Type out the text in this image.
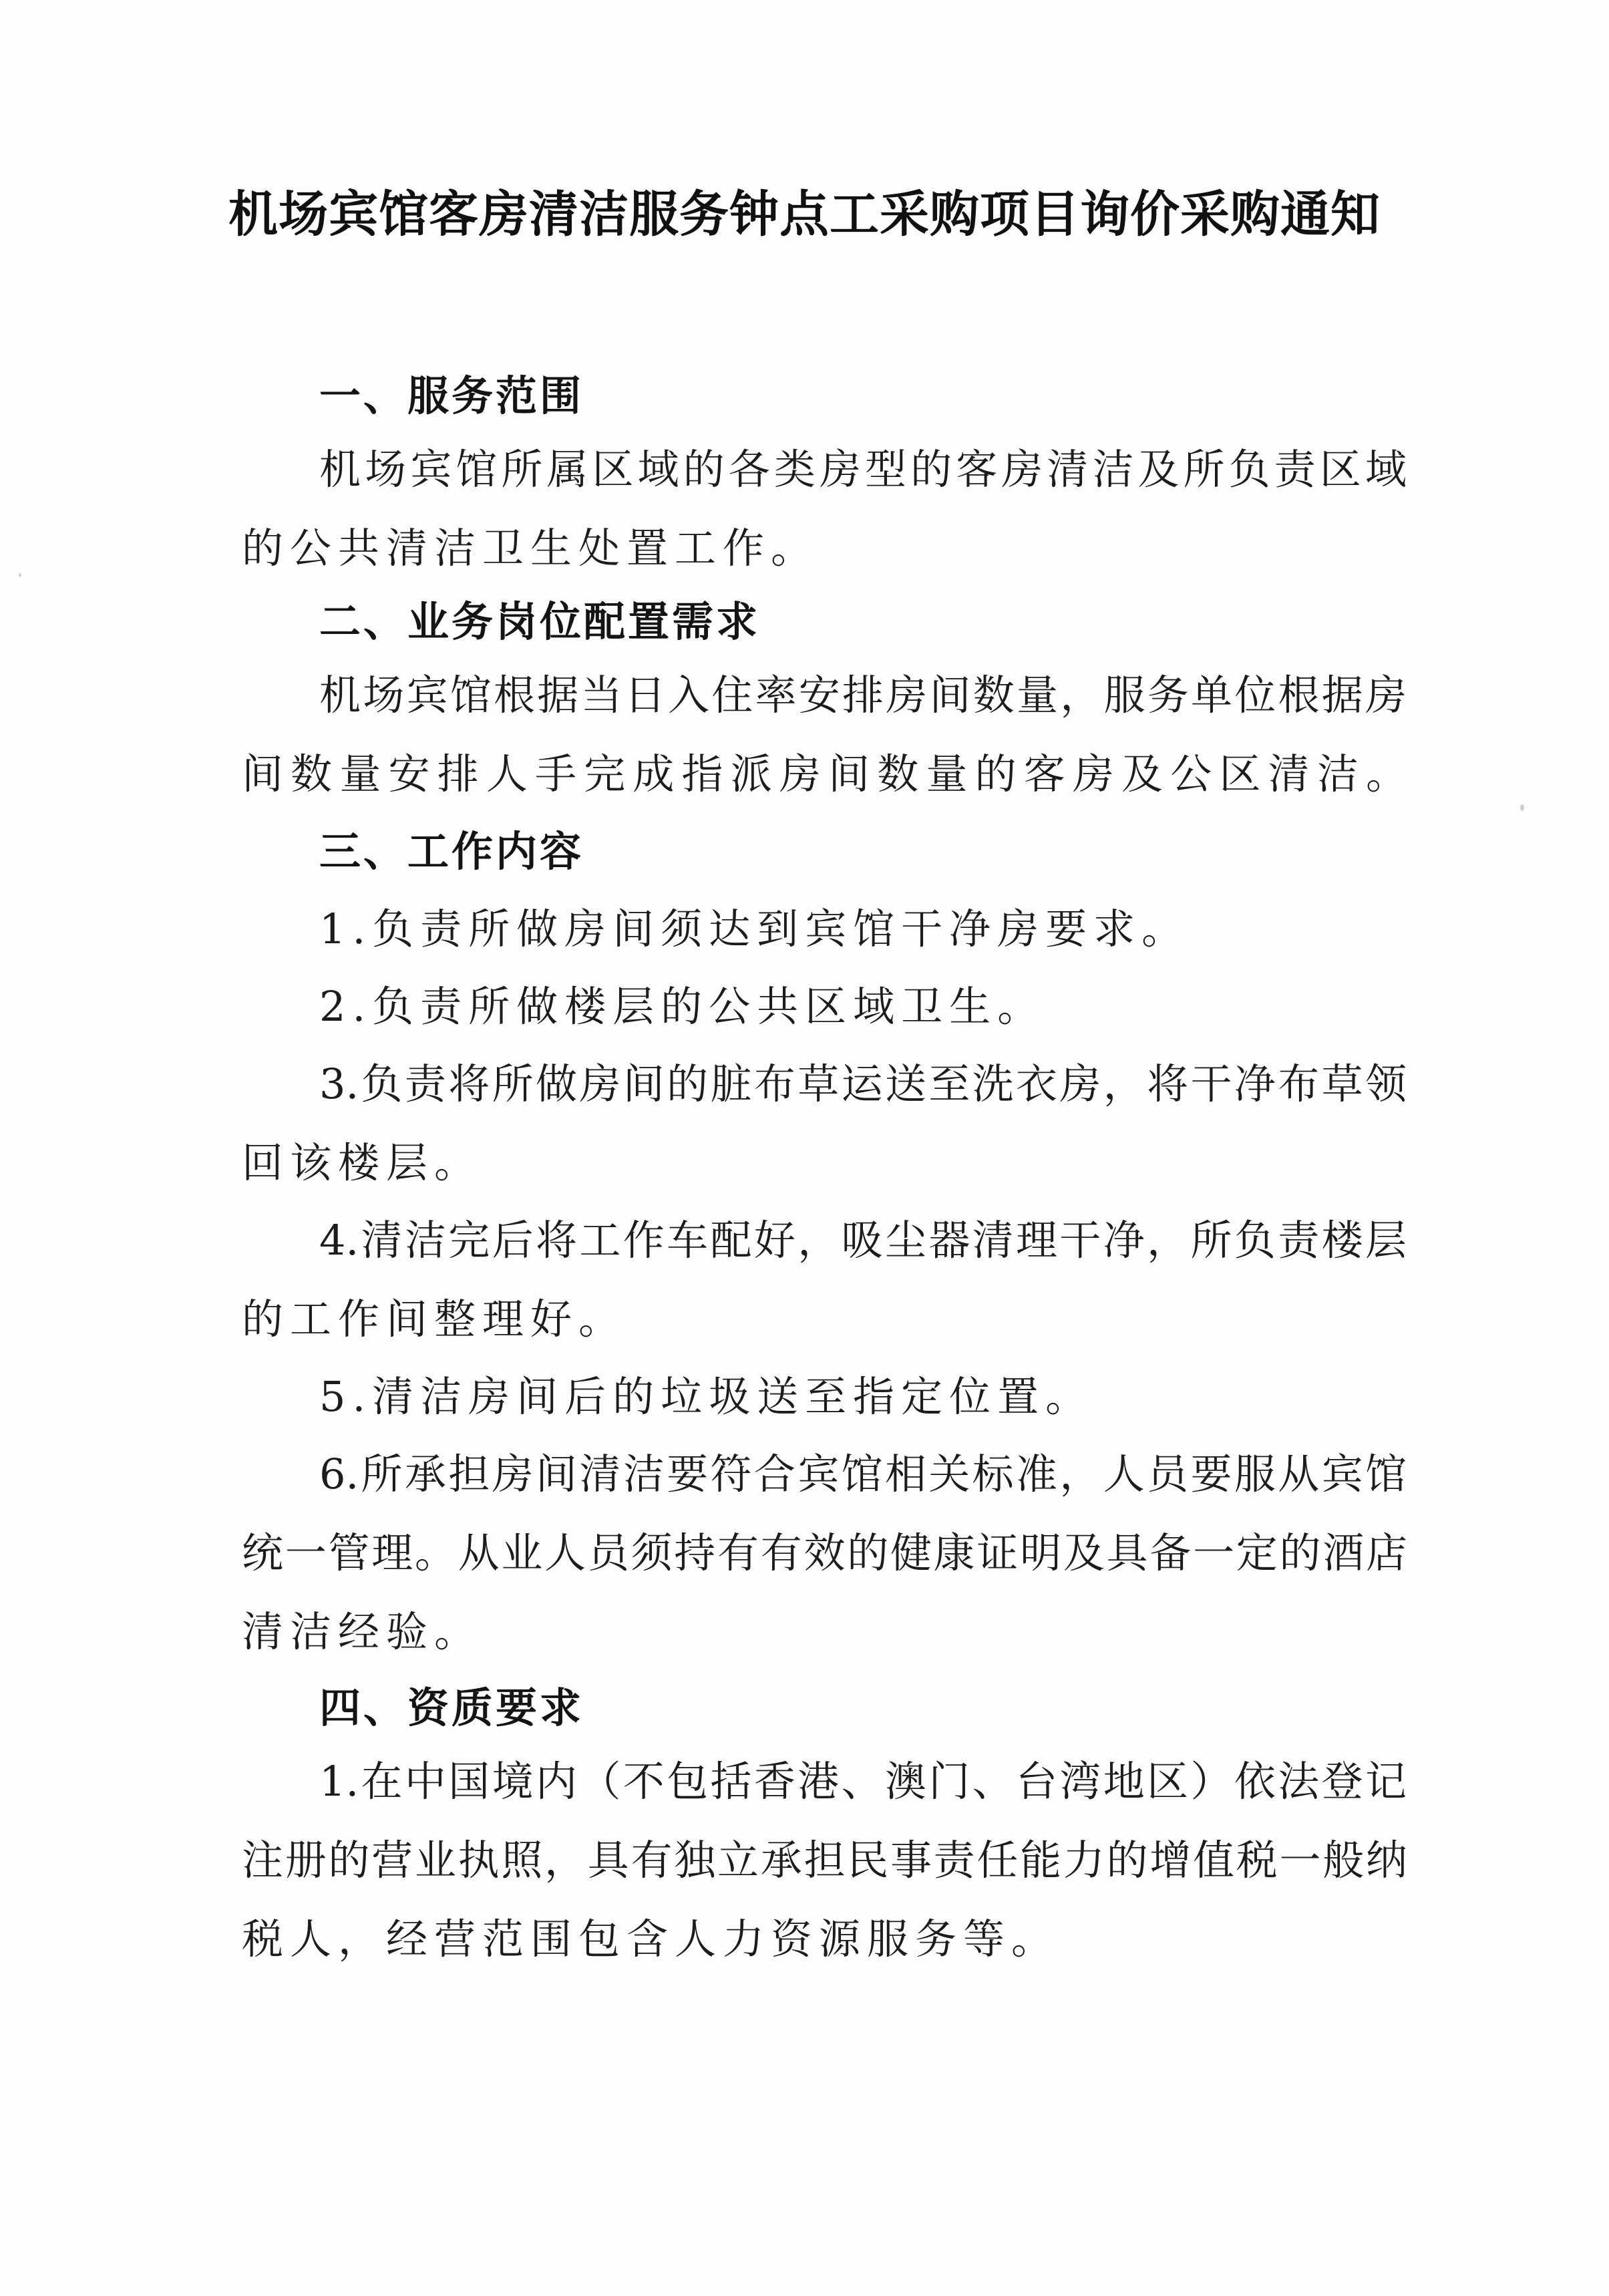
机场宾馆客房清洁服务钟点工采购项目询价采购通知
一、服务范围
机场宾馆所属区域的各类房型的客房清洁及所负责区域
的公共清洁卫生处置工作。
二、业务岗位配置需求
机场宾馆根据当日入住率安排房间数量，服务单位根据房
间数量安排人手完成指派房间数量的客房及公区清洁。
三、工作内容
1.负责所做房间须达到宾馆干净房要求。
2.负责所做楼层的公共区域卫生。
3.负责将所做房间的脏布草运送至洗衣房，将干净布草领
回该楼层。
4.清洁完后将工作车配好，吸尘器清理干净，所负责楼层
的工作间整理好。
5.清洁房间后的垃圾送至指定位置。
6.所承担房间清洁要符合宾馆相关标准，人员要服从宾馆
统一管理。从业人员须持有有效的健康证明及具备一定的酒店
清洁经验。
四、资质要求
1.在中国境内（不包括香港、澳门、台湾地区）依法登记
注册的营业执照，具有独立承担民事责任能力的增值税一般纳
税人，经营范围包含人力资源服务等。
